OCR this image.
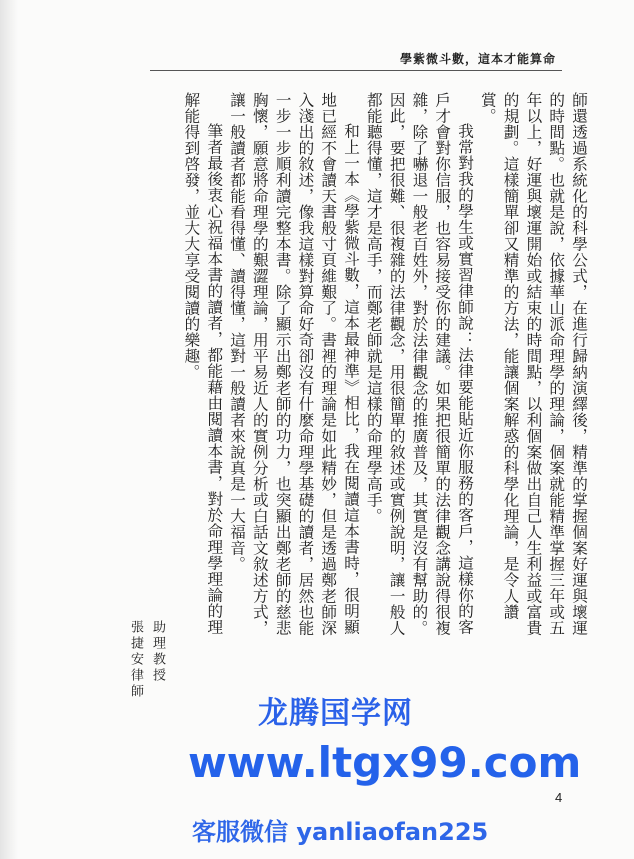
學紫微斗數，這本才能算命

師還透過系統化的科學公式，在進行歸納演繹後，精準的掌握個案好運與壞運的時間點。也就是說，依據華山派命理學的理論，個案就能精準掌握三年或五年以上，好運與壞運開始或結束的時間點，以利個案做出自己人生利益或富貴的規劃。這樣簡單卻又精準的方法，能讓個案解惑的科學化理論，是令人讚賞。

我常對我的學生或實習律師說：法律要能貼近你服務的客戶，這樣你的客戶才會對你信服，也容易接受你的建議。如果把很簡單的法律觀念講說得很複雜，除了嚇退一般老百姓外，對於法律觀念的推廣普及，其實是沒有幫助的。因此，要把很難、很複雜的法律觀念，用很簡單的敘述或實例說明，讓一般人都能聽得懂，這才是高手，而鄭老師就是這樣的命理學高手。

和上一本《學紫微斗數，這本最神準》相比，我在閱讀這本書時，很明顯地已經不會讀天書般寸頁維艱了。書裡的理論是如此精妙，但是透過鄭老師深入淺出的敘述，像我這樣對算命好奇卻沒有什麼命理學基礎的讀者，居然也能一步一步順利讀完整本書。除了顯示出鄭老師的功力，也突顯出鄭老師的慈悲胸懷，願意將命理學的艱澀理論，用平易近人的實例分析或白話文敘述方式，讓一般讀者都能看得懂、讀得懂，這對一般讀者來說真是一大福音。

筆者最後衷心祝福本書的讀者，都能藉由閱讀本書，對於命理學理論的理解能得到啓發，並大大享受閱讀的樂趣。

助理教授
張捷安律師
4
龙腾国学网
www.ltgx99.com
客服微信 yanliaofan225
